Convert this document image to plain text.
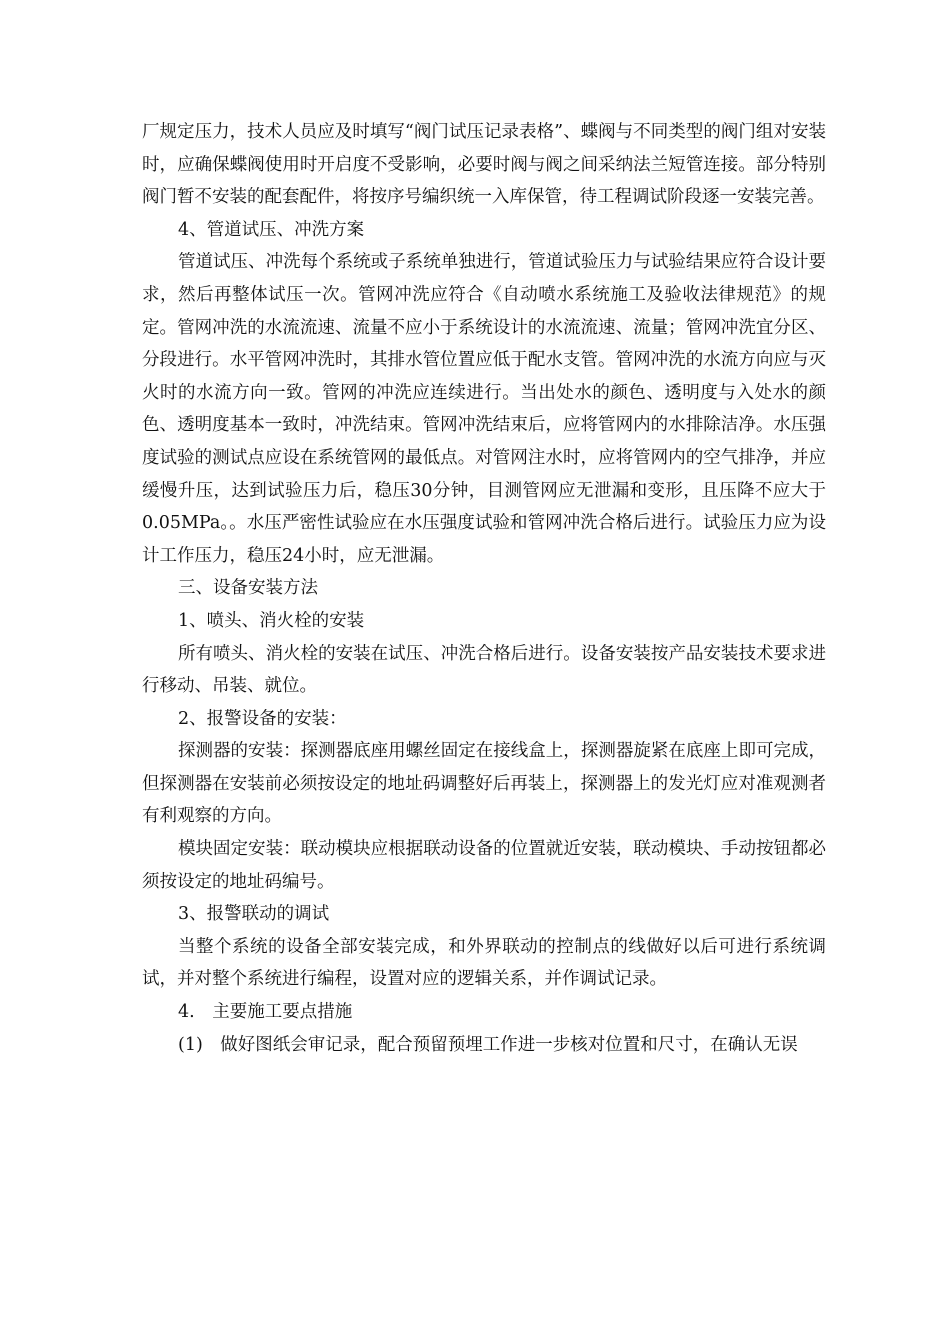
厂规定压力，技术人员应及时填写“阀门试压记录表格”、蝶阀与不同类型的阀门组对安装时，应确保蝶阀使用时开启度不受影响，必要时阀与阀之间采纳法兰短管连接。部分特别阀门暂不安装的配套配件，将按序号编织统一入库保管，待工程调试阶段逐一安装完善。

4、管道试压、冲洗方案

管道试压、冲洗每个系统或子系统单独进行，管道试验压力与试验结果应符合设计要求，然后再整体试压一次。管网冲洗应符合《自动喷水系统施工及验收法律规范》的规定。管网冲洗的水流流速、流量不应小于系统设计的水流流速、流量；管网冲洗宜分区、分段进行。水平管网冲洗时，其排水管位置应低于配水支管。管网冲洗的水流方向应与灭火时的水流方向一致。管网的冲洗应连续进行。当出处水的颜色、透明度与入处水的颜色、透明度基本一致时，冲洗结束。管网冲洗结束后，应将管网内的水排除洁净。水压强度试验的测试点应设在系统管网的最低点。对管网注水时，应将管网内的空气排净，并应缓慢升压，达到试验压力后，稳压30分钟，目测管网应无泄漏和变形，且压降不应大于0.05MPa。。水压严密性试验应在水压强度试验和管网冲洗合格后进行。试验压力应为设计工作压力，稳压24小时，应无泄漏。

三、设备安装方法

1、喷头、消火栓的安装

所有喷头、消火栓的安装在试压、冲洗合格后进行。设备安装按产品安装技术要求进行移动、吊装、就位。

2、报警设备的安装：

探测器的安装：探测器底座用螺丝固定在接线盒上，探测器旋紧在底座上即可完成，但探测器在安装前必须按设定的地址码调整好后再装上，探测器上的发光灯应对准观测者有利观察的方向。

模块固定安装：联动模块应根据联动设备的位置就近安装，联动模块、手动按钮都必须按设定的地址码编号。

3、报警联动的调试

当整个系统的设备全部安装完成，和外界联动的控制点的线做好以后可进行系统调试，并对整个系统进行编程，设置对应的逻辑关系，并作调试记录。

4.　主要施工要点措施

(1)　做好图纸会审记录，配合预留预埋工作进一步核对位置和尺寸，在确认无误
